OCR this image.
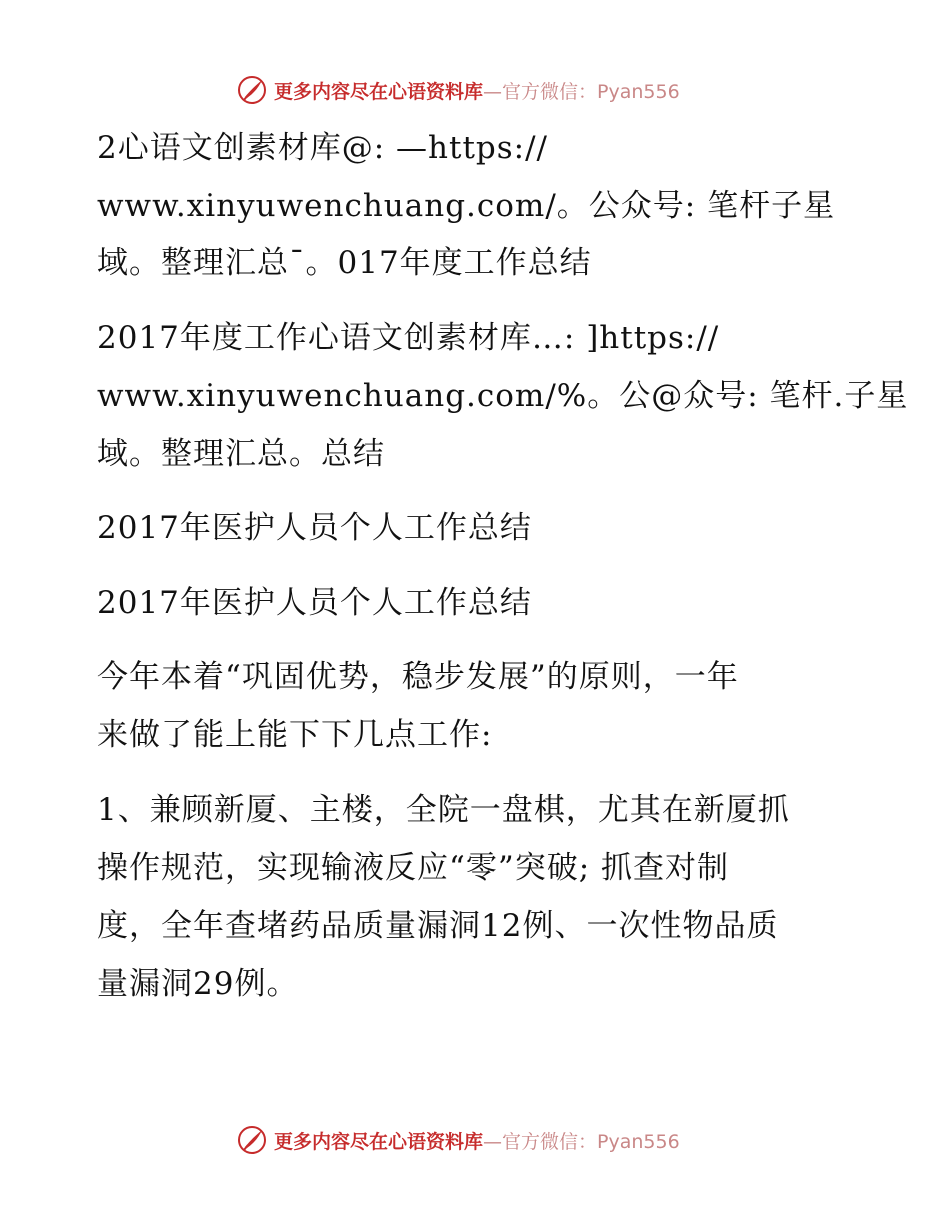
更多内容尽在心语资料库 —官方微信：Pyan556
2心语文创素材库@: —https://
www.xinyuwenchuang.com/。公众号: 笔杆子星
域。整理汇总¯。017年度工作总结
2017年度工作心语文创素材库…: ]https://
www.xinyuwenchuang.com/%。公@众号: 笔杆.子星
域。整理汇总。总结
2017年医护人员个人工作总结
2017年医护人员个人工作总结
今年本着“巩固优势，稳步发展”的原则，一年
来做了能上能下下几点工作:
1、兼顾新厦、主楼，全院一盘棋，尤其在新厦抓
操作规范，实现输液反应“零”突破; 抓查对制
度，全年查堵药品质量漏洞12例、一次性物品质
量漏洞29例。
更多内容尽在心语资料库 —官方微信：Pyan556
